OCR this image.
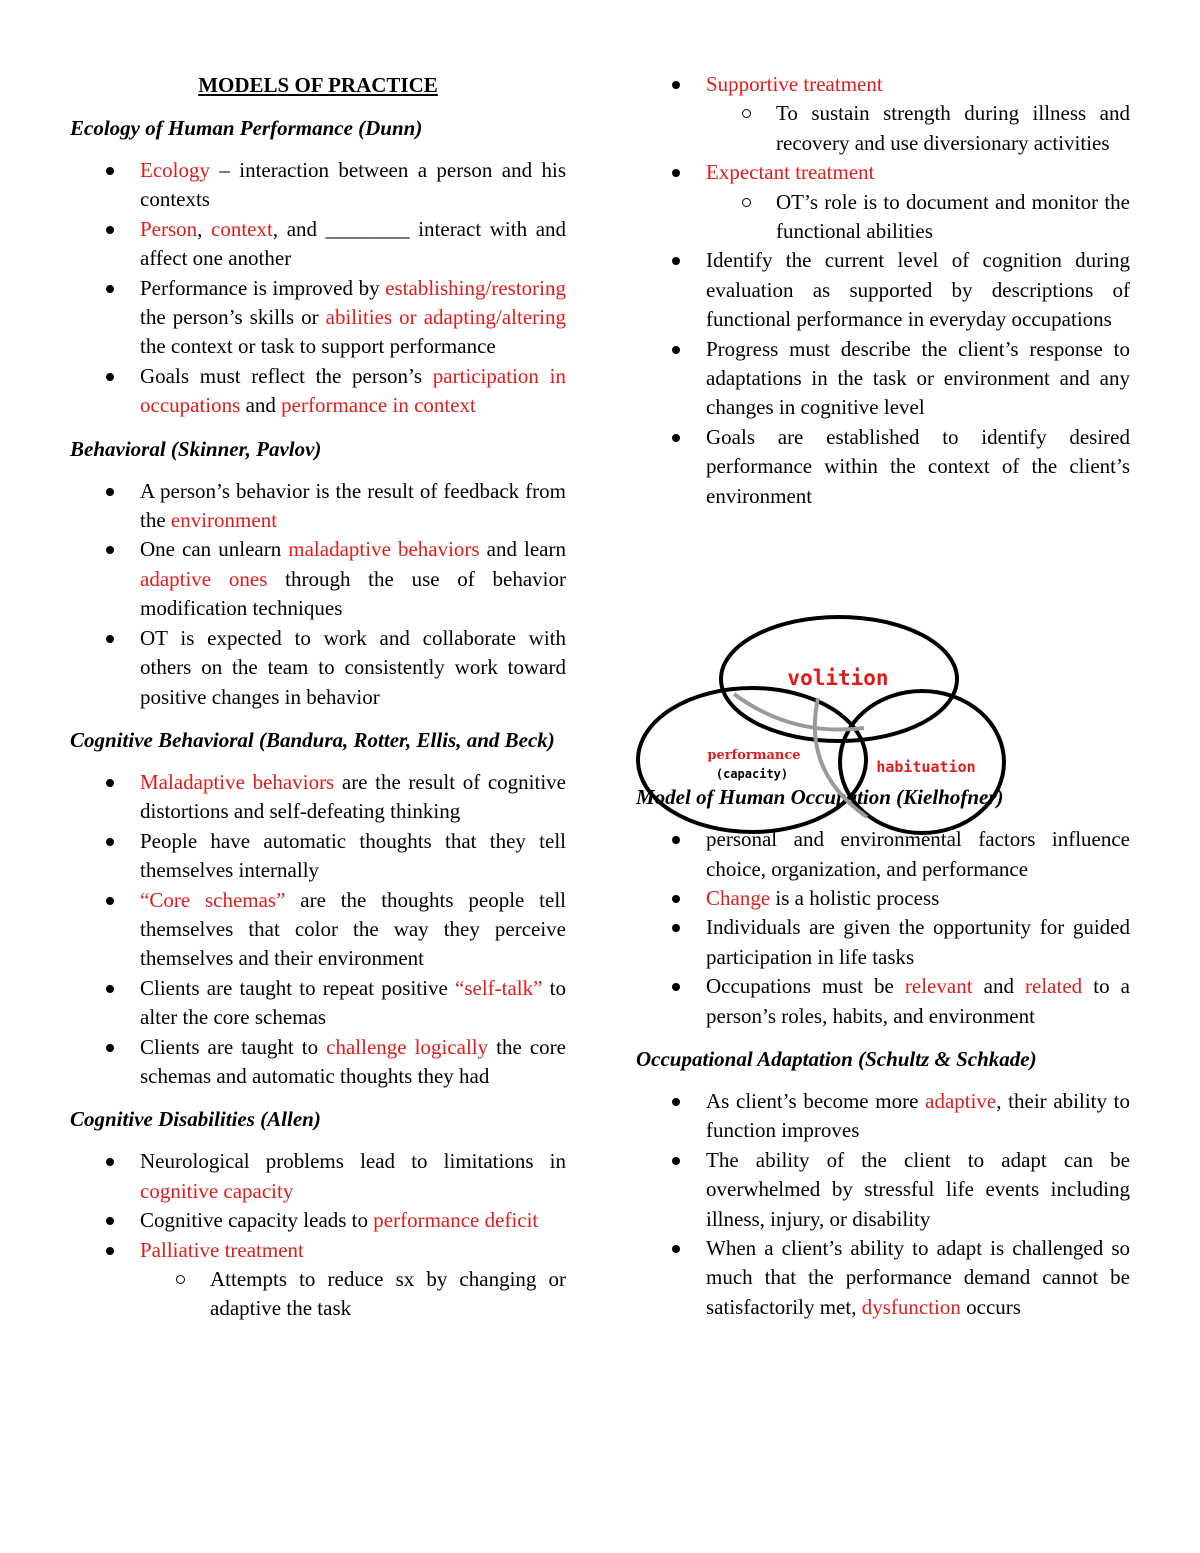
MODELS OF PRACTICE
Ecology of Human Performance (Dunn)
Ecology – interaction between a person and his contexts
Person, context, and ________ interact with and affect one another
Performance is improved by establishing/restoring the person’s skills or abilities or adapting/altering the context or task to support performance
Goals must reflect the person’s participation in occupations and performance in context
Behavioral (Skinner, Pavlov)
A person’s behavior is the result of feedback from the environment
One can unlearn maladaptive behaviors and learn adaptive ones through the use of behavior modification techniques
OT is expected to work and collaborate with others on the team to consistently work toward positive changes in behavior
Cognitive Behavioral (Bandura, Rotter, Ellis, and Beck)
Maladaptive behaviors are the result of cognitive distortions and self-defeating thinking
People have automatic thoughts that they tell themselves internally
“Core schemas” are the thoughts people tell themselves that color the way they perceive themselves and their environment
Clients are taught to repeat positive “self-talk” to alter the core schemas
Clients are taught to challenge logically the core schemas and automatic thoughts they had
Cognitive Disabilities (Allen)
Neurological problems lead to limitations in cognitive capacity
Cognitive capacity leads to performance deficit
Palliative treatment
Attempts to reduce sx by changing or adaptive the task
Supportive treatment
To sustain strength during illness and recovery and use diversionary activities
Expectant treatment
OT’s role is to document and monitor the functional abilities
Identify the current level of cognition during evaluation as supported by descriptions of functional performance in everyday occupations
Progress must describe the client’s response to adaptations in the task or environment and any changes in cognitive level
Goals are established to identify desired performance within the context of the client’s environment
Model of Human Occupation (Kielhofner)
personal and environmental factors influence choice, organization, and performance
Change is a holistic process
Individuals are given the opportunity for guided participation in life tasks
Occupations must be relevant and related to a person’s roles, habits, and environment
Occupational Adaptation (Schultz & Schkade)
As client’s become more adaptive, their ability to function improves
The ability of the client to adapt can be overwhelmed by stressful life events including illness, injury, or disability
When a client’s ability to adapt is challenged so much that the performance demand cannot be satisfactorily met, dysfunction occurs
volition
performance
(capacity)	habituation
